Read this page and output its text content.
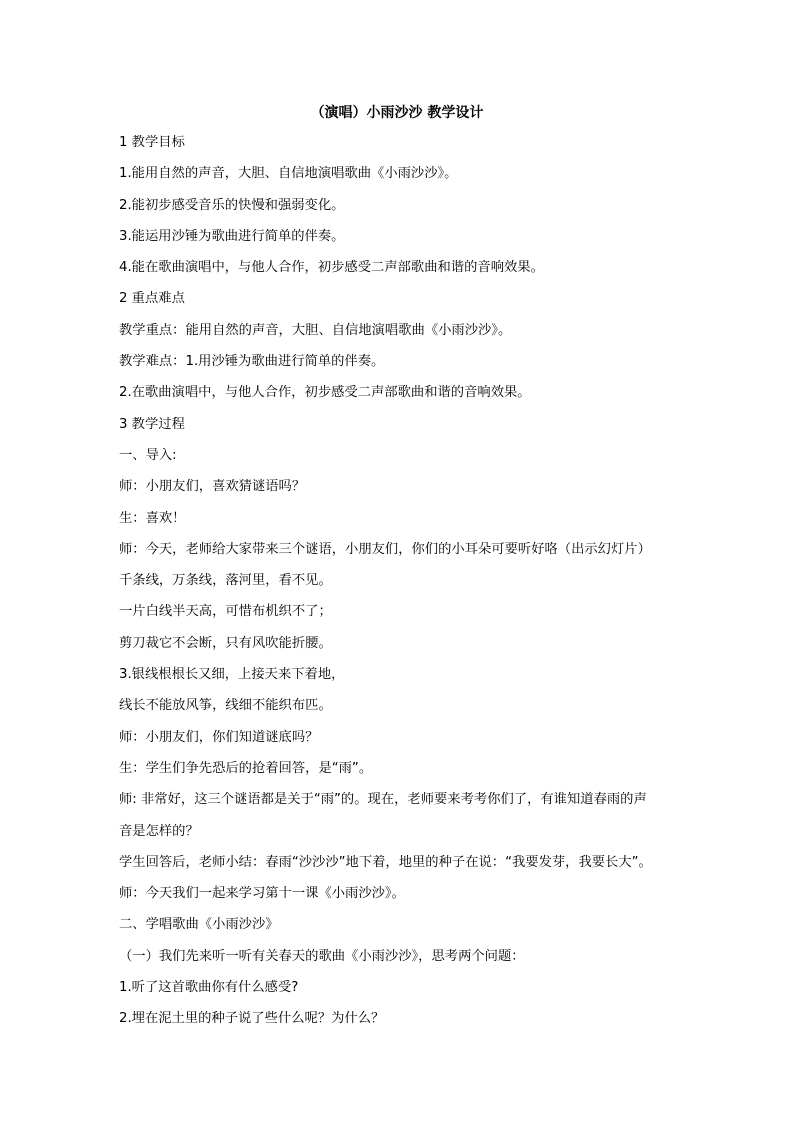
（演唱）小雨沙沙 教学设计
1 教学目标
1.能用自然的声音，大胆、自信地演唱歌曲《小雨沙沙》。
2.能初步感受音乐的快慢和强弱变化。
3.能运用沙锤为歌曲进行简单的伴奏。
4.能在歌曲演唱中，与他人合作，初步感受二声部歌曲和谐的音响效果。
2 重点难点
教学重点：能用自然的声音，大胆、自信地演唱歌曲《小雨沙沙》。
教学难点：1.用沙锤为歌曲进行简单的伴奏。
2.在歌曲演唱中，与他人合作，初步感受二声部歌曲和谐的音响效果。
3 教学过程
一、导入:
师：小朋友们，喜欢猜谜语吗？
生：喜欢！
师：今天，老师给大家带来三个谜语，小朋友们，你们的小耳朵可要听好咯（出示幻灯片）
千条线，万条线，落河里，看不见。
一片白线半天高，可惜布机织不了；
剪刀裁它不会断，只有风吹能折腰。
3.银线根根长又细，上接天来下着地，
线长不能放风筝，线细不能织布匹。
师：小朋友们，你们知道谜底吗？
生：学生们争先恐后的抢着回答，是“雨”。
师: 非常好，这三个谜语都是关于“雨”的。现在，老师要来考考你们了，有谁知道春雨的声
音是怎样的？
学生回答后，老师小结：春雨“沙沙沙”地下着，地里的种子在说：“我要发芽，我要长大”。
师：今天我们一起来学习第十一课《小雨沙沙》。
二、学唱歌曲《小雨沙沙》
（一）我们先来听一听有关春天的歌曲《小雨沙沙》，思考两个问题：
1.听了这首歌曲你有什么感受?
2.埋在泥土里的种子说了些什么呢？为什么？
